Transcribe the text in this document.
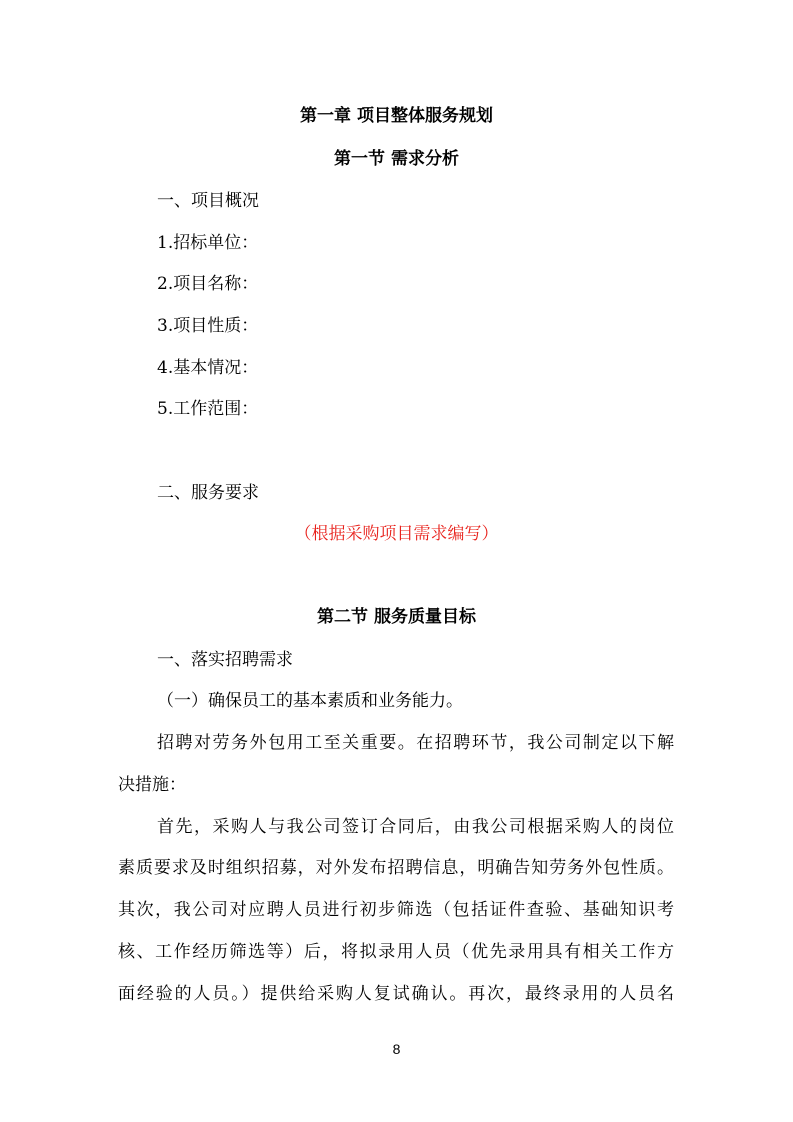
第一章 项目整体服务规划
第一节 需求分析
一、项目概况
1.招标单位：
2.项目名称：
3.项目性质：
4.基本情况：
5.工作范围：
二、服务要求
（根据采购项目需求编写）
第二节 服务质量目标
一、落实招聘需求
（一）确保员工的基本素质和业务能力。
招聘对劳务外包用工至关重要。在招聘环节，我公司制定以下解
决措施：
首先，采购人与我公司签订合同后，由我公司根据采购人的岗位
素质要求及时组织招募，对外发布招聘信息，明确告知劳务外包性质。
其次，我公司对应聘人员进行初步筛选（包括证件查验、基础知识考
核、工作经历筛选等）后，将拟录用人员（优先录用具有相关工作方
面经验的人员。）提供给采购人复试确认。再次，最终录用的人员名
8
